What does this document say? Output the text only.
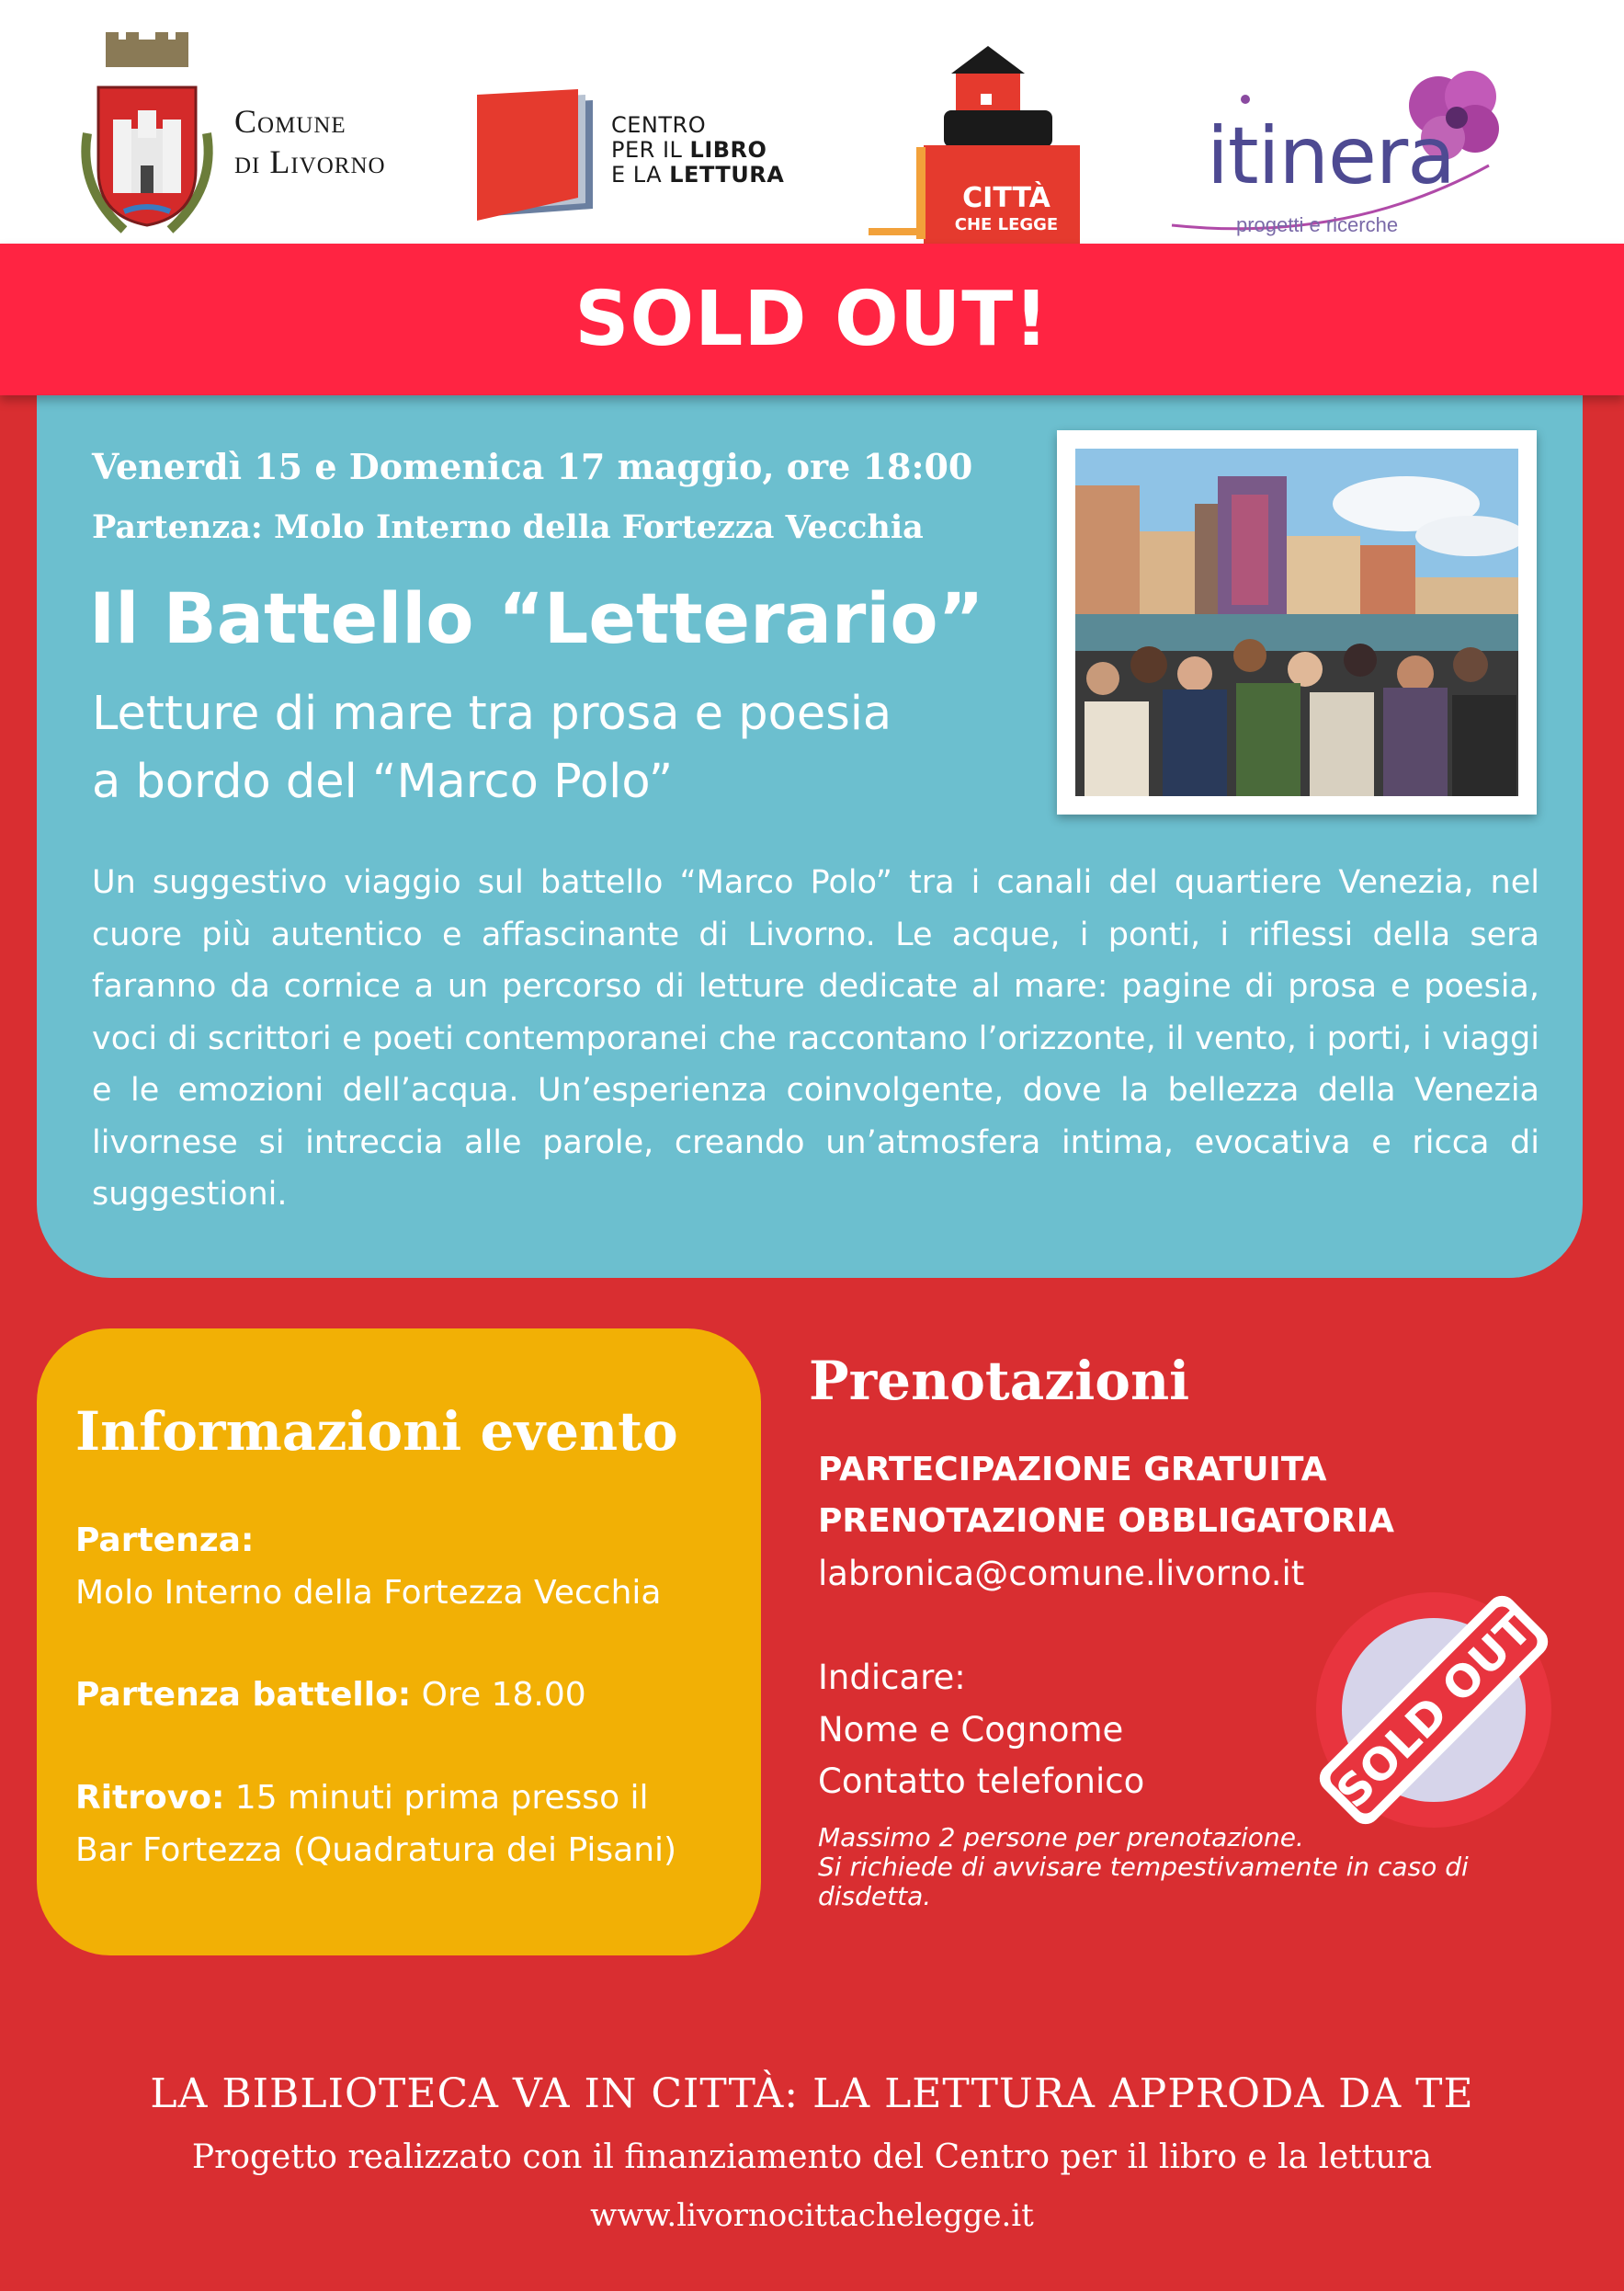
Comune
di Livorno
CENTRO
PER IL LIBRO
E LA LETTURA
CITTÀ
CHE LEGGE
itinera
progetti e ricerche
SOLD OUT!
Venerdì 15 e Domenica 17 maggio, ore 18:00
Partenza: Molo Interno della Fortezza Vecchia
Il Battello “Letterario”
Letture di mare tra prosa e poesia
a bordo del “Marco Polo”
Un suggestivo viaggio sul battello “Marco Polo” tra i canali del quartiere Venezia, nel cuore più autentico e affascinante di Livorno. Le acque, i ponti, i riflessi della sera faranno da cornice a un percorso di letture dedicate al mare: pagine di prosa e poesia, voci di scrittori e poeti contemporanei che raccontano l’orizzonte, il vento, i porti, i viaggi e le emozioni dell’acqua. Un’esperienza coinvolgente, dove la bellezza della Venezia livornese si intreccia alle parole, creando un’atmosfera intima, evocativa e ricca di suggestioni.
Informazioni evento
Partenza:
Molo Interno della Fortezza Vecchia
Partenza battello: Ore 18.00
Ritrovo: 15 minuti prima presso il
Bar Fortezza (Quadratura dei Pisani)
Prenotazioni
PARTECIPAZIONE GRATUITA
PRENOTAZIONE OBBLIGATORIA
labronica@comune.livorno.it
Indicare:
Nome e Cognome
Contatto telefonico
Massimo 2 persone per prenotazione.
Si richiede di avvisare tempestivamente in caso di disdetta.
SOLD OUT
LA BIBLIOTECA VA IN CITTÀ: LA LETTURA APPRODA DA TE
Progetto realizzato con il finanziamento del Centro per il libro e la lettura
www.livornocittachelegge.it
